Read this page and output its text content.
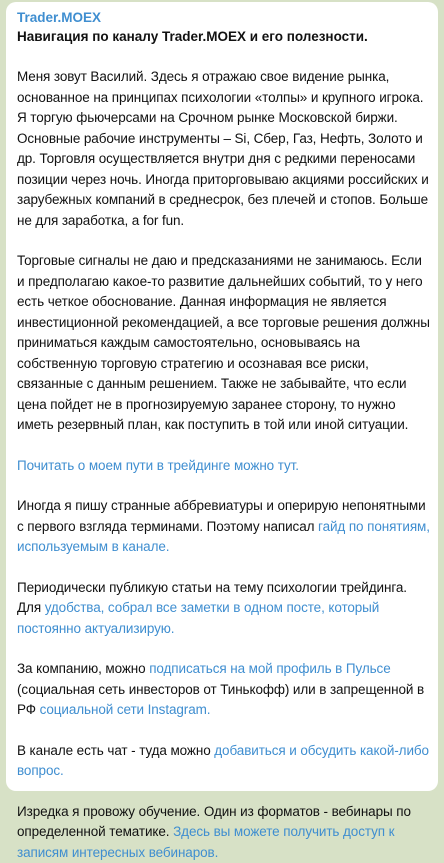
Trader.MOEX
Навигация по каналу Trader.MOEX и его полезности.
Меня зовут Василий. Здесь я отражаю свое видение рынка, основанное на принципах психологии «толпы» и крупного игрока. Я торгую фьючерсами на Срочном рынке Московской биржи. Основные рабочие инструменты – Si, Сбер, Газ, Нефть, Золото и др. Торговля осуществляется внутри дня с редкими переносами позиции через ночь. Иногда приторговываю акциями российских и зарубежных компаний в среднесрок, без плечей и стопов. Больше не для заработка, а for fun.
Торговые сигналы не даю и предсказаниями не занимаюсь. Если и предполагаю какое-то развитие дальнейших событий, то у него есть четкое обоснование. Данная информация не является инвестиционной рекомендацией, а все торговые решения должны приниматься каждым самостоятельно, основываясь на собственную торговую стратегию и осознавая все риски, связанные с данным решением. Также не забывайте, что если цена пойдет не в прогнозируемую заранее сторону, то нужно иметь резервный план, как поступить в той или иной ситуации.
Почитать о моем пути в трейдинге можно тут.
Иногда я пишу странные аббревиатуры и оперирую непонятными с первого взгляда терминами. Поэтому написал гайд по понятиям, используемым в канале.
Периодически публикую статьи на тему психологии трейдинга. Для удобства, собрал все заметки в одном посте, который постоянно актуализирую.
За компанию, можно подписаться на мой профиль в Пульсе (социальная сеть инвесторов от Тинькофф) или в запрещенной в РФ социальной сети Instagram.
В канале есть чат - туда можно добавиться и обсудить какой-либо вопрос.
Изредка я провожу обучение. Один из форматов - вебинары по определенной тематике. Здесь вы можете получить доступ к записям интересных вебинаров.
